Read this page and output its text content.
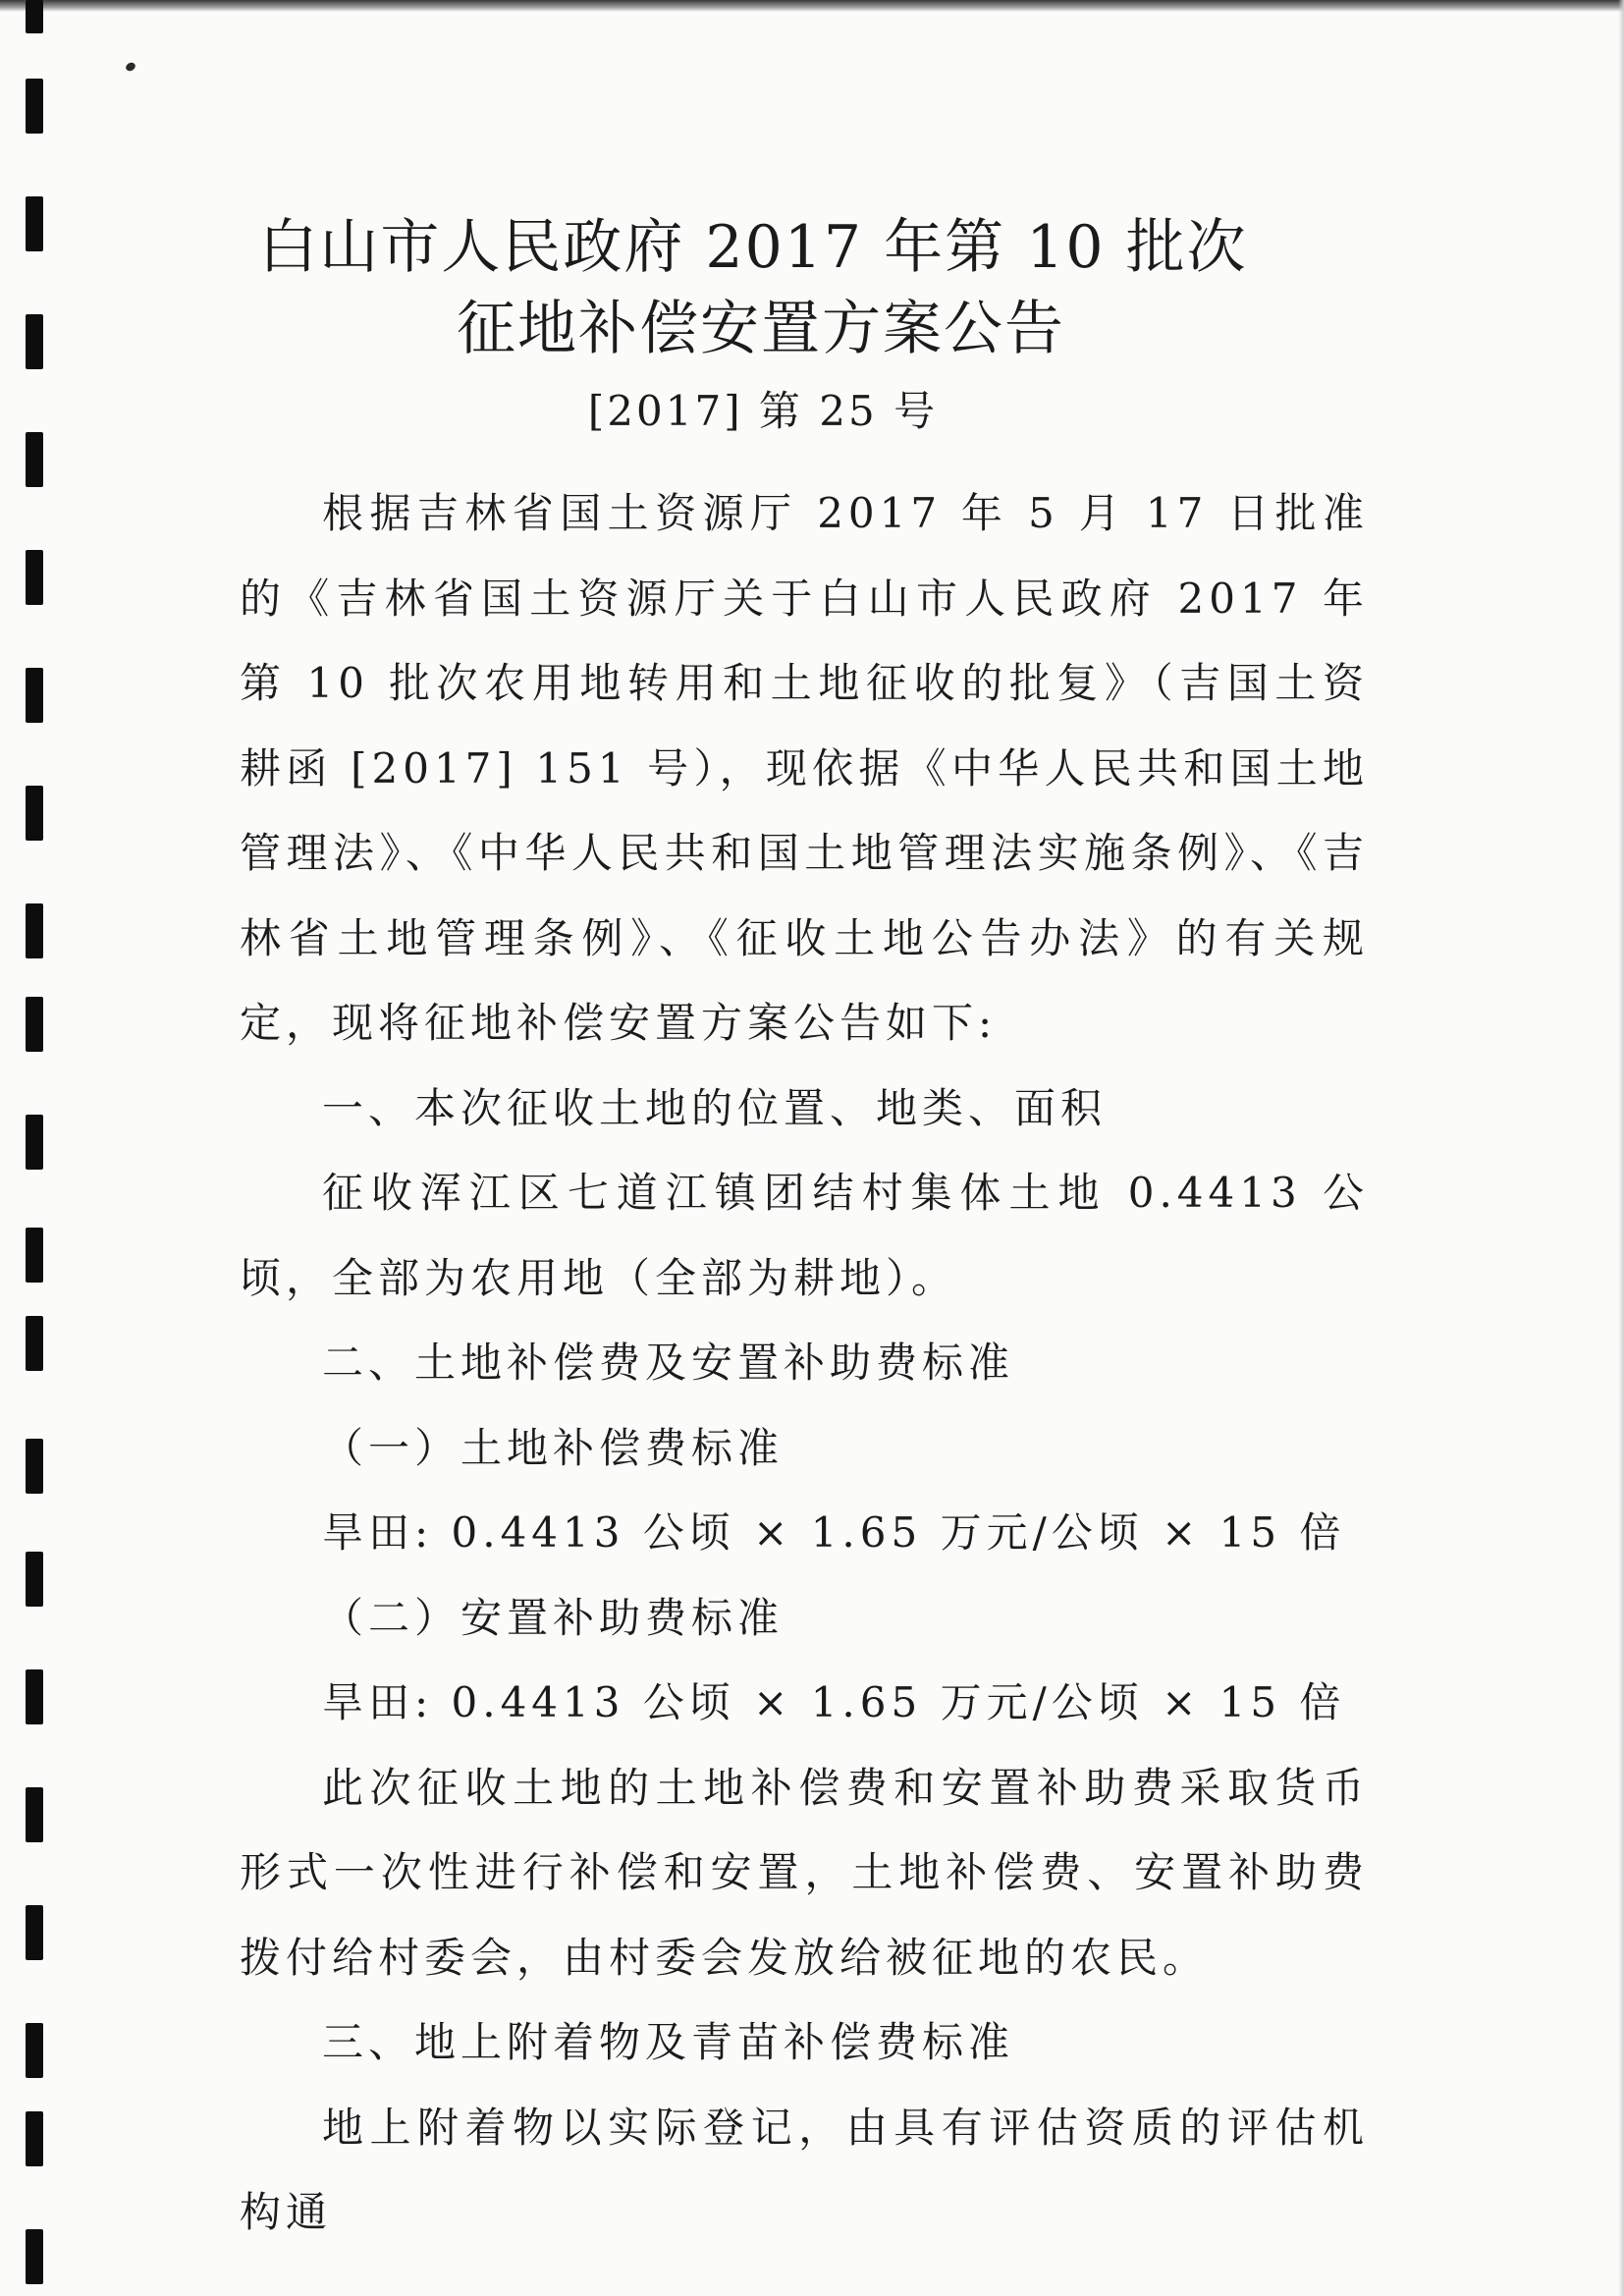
白山市人民政府 2017 年第 10 批次
征地补偿安置方案公告
[2017] 第 25 号

根据吉林省国土资源厅 2017 年 5 月 17 日批准的《吉林省国土资源厅关于白山市人民政府 2017 年第 10 批次农用地转用和土地征收的批复》（吉国土资耕函 [2017] 151 号），现依据《中华人民共和国土地管理法》、《中华人民共和国土地管理法实施条例》、《吉林省土地管理条例》、《征收土地公告办法》的有关规定，现将征地补偿安置方案公告如下:

一、本次征收土地的位置、地类、面积

征收浑江区七道江镇团结村集体土地 0.4413 公顷，全部为农用地（全部为耕地）。

二、土地补偿费及安置补助费标准

（一）土地补偿费标准

旱田: 0.4413 公顷 × 1.65 万元/公顷 × 15 倍

（二）安置补助费标准

旱田: 0.4413 公顷 × 1.65 万元/公顷 × 15 倍

此次征收土地的土地补偿费和安置补助费采取货币形式一次性进行补偿和安置，土地补偿费、安置补助费拨付给村委会，由村委会发放给被征地的农民。

三、地上附着物及青苗补偿费标准

地上附着物以实际登记，由具有评估资质的评估机构通
